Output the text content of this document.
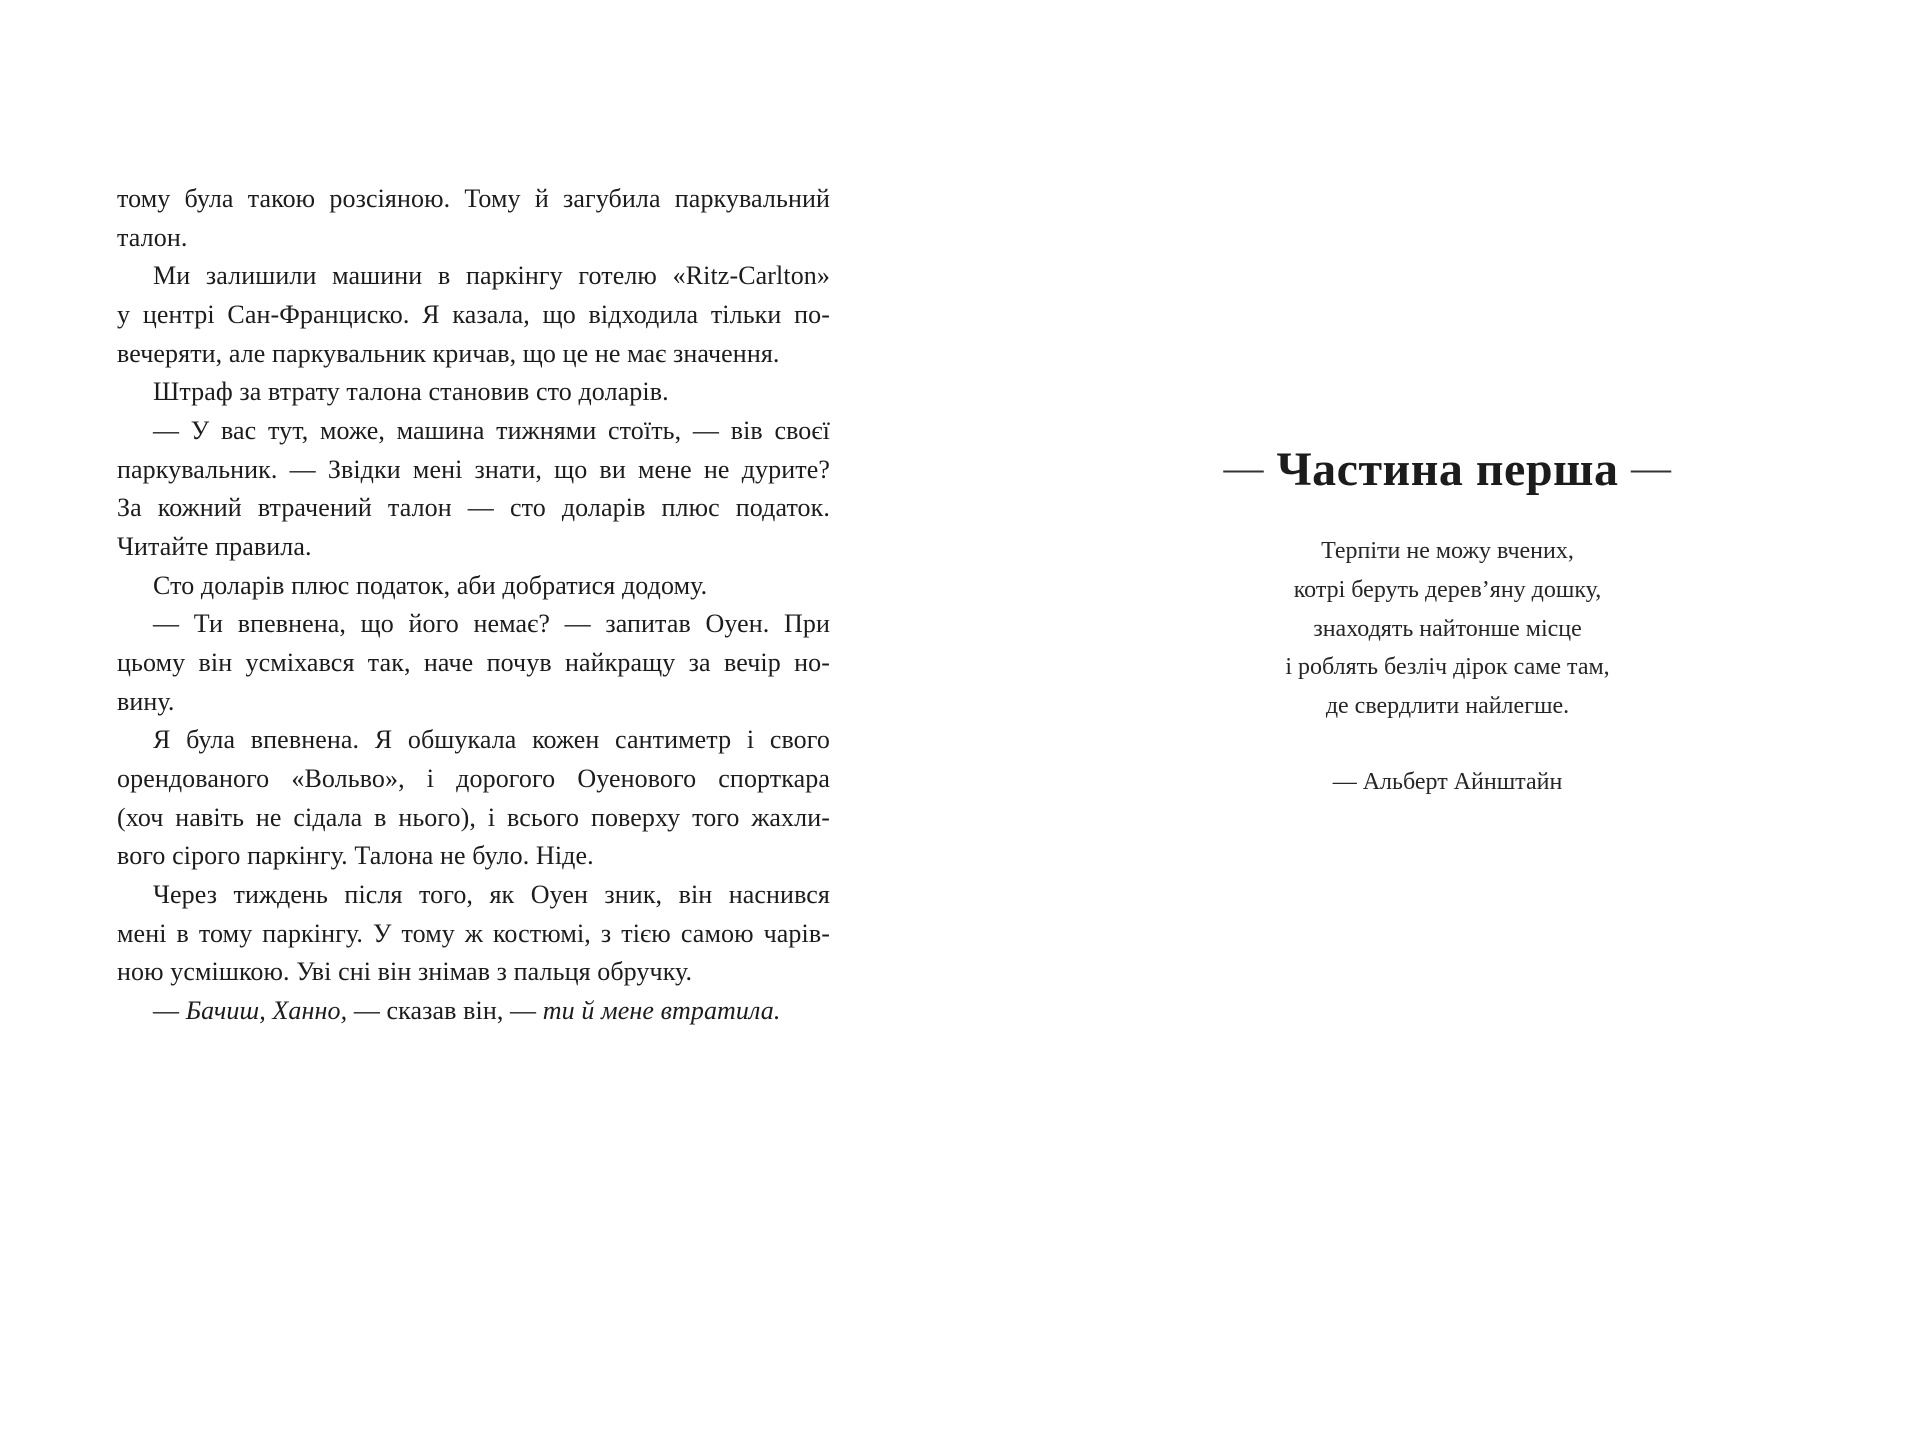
тому була такою розсіяною. Тому й загубила паркувальний
талон.
Ми залишили машини в паркінгу готелю «Ritz-Carlton»
у центрі Сан-Франциско. Я казала, що відходила тільки по-
вечеряти, але паркувальник кричав, що це не має значення.
Штраф за втрату талона становив сто доларів.
— У вас тут, може, машина тижнями стоїть, — вів своєї
паркувальник. — Звідки мені знати, що ви мене не дурите?
За кожний втрачений талон — сто доларів плюс податок.
Читайте правила.
Сто доларів плюс податок, аби добратися додому.
— Ти впевнена, що його немає? — запитав Оуен. При
цьому він усміхався так, наче почув найкращу за вечір но-
вину.
Я була впевнена. Я обшукала кожен сантиметр і свого
орендованого «Вольво», і дорогого Оуенового спорткара
(хоч навіть не сідала в нього), і всього поверху того жахли-
вого сірого паркінгу. Талона не було. Ніде.
Через тиждень після того, як Оуен зник, він наснився
мені в тому паркінгу. У тому ж костюмі, з тією самою чарів-
ною усмішкою. Уві сні він знімав з пальця обручку.
— Бачиш, Ханно, — сказав він, — ти й мене втратила.
— Частина перша —
Терпіти не можу вчених,
котрі беруть дерев’яну дошку,
знаходять найтонше місце
і роблять безліч дірок саме там,
де свердлити найлегше.
— Альберт Айнштайн
